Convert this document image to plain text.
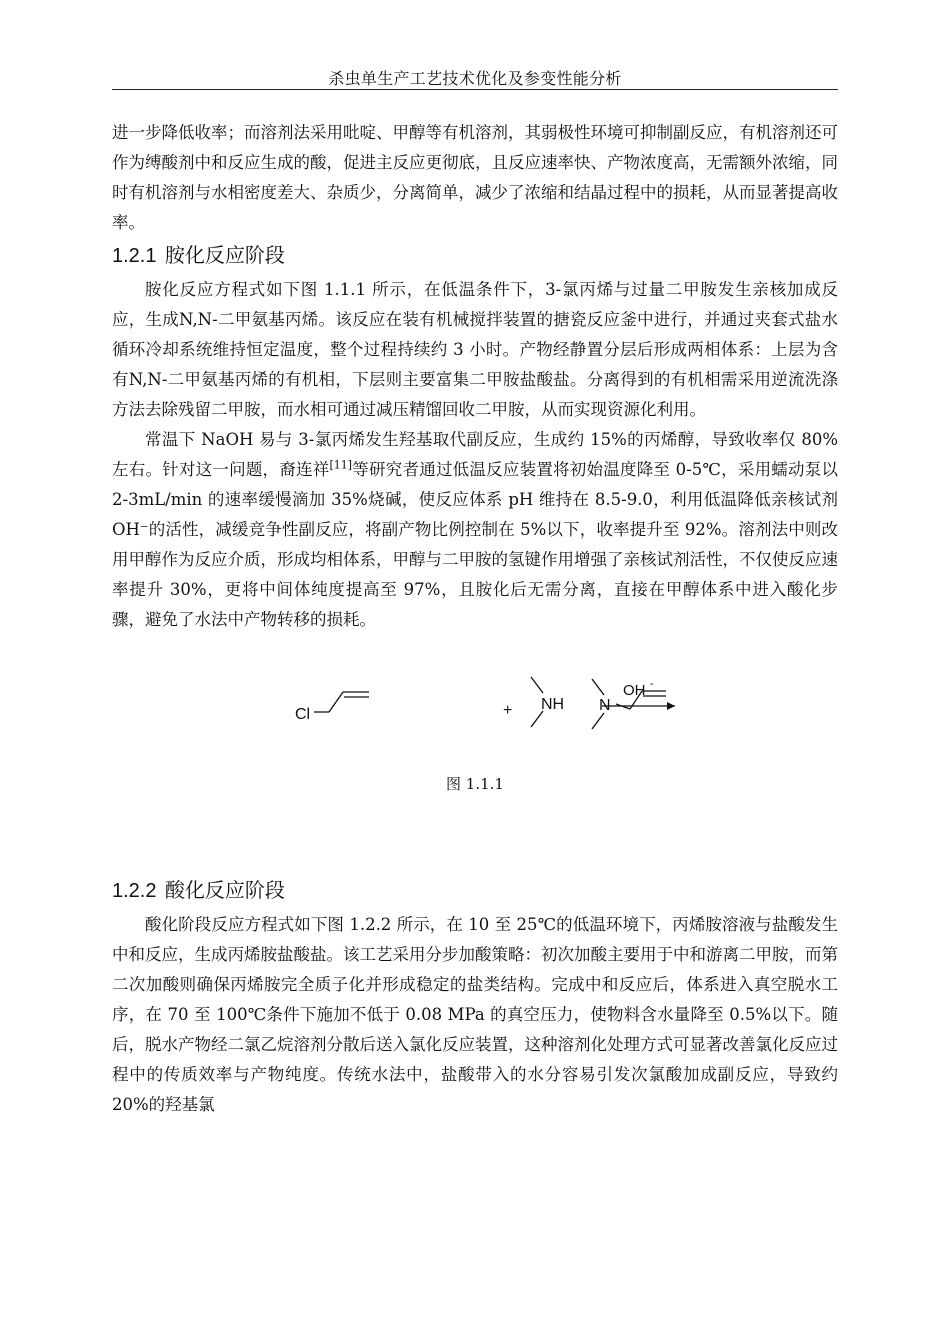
杀虫单生产工艺技术优化及参变性能分析

进一步降低收率；而溶剂法采用吡啶、甲醇等有机溶剂，其弱极性环境可抑制副反应，有机溶剂还可作为缚酸剂中和反应生成的酸，促进主反应更彻底，且反应速率快、产物浓度高，无需额外浓缩，同时有机溶剂与水相密度差大、杂质少，分离简单，减少了浓缩和结晶过程中的损耗，从而显著提高收率。

1.2.1 胺化反应阶段

胺化反应方程式如下图 1.1.1 所示，在低温条件下，3-氯丙烯与过量二甲胺发生亲核加成反应，生成N,N-二甲氨基丙烯。该反应在装有机械搅拌装置的搪瓷反应釜中进行，并通过夹套式盐水循环冷却系统维持恒定温度，整个过程持续约 3 小时。产物经静置分层后形成两相体系：上层为含有N,N-二甲氨基丙烯的有机相，下层则主要富集二甲胺盐酸盐。分离得到的有机相需采用逆流洗涤方法去除残留二甲胺，而水相可通过减压精馏回收二甲胺，从而实现资源化利用。

常温下 NaOH 易与 3-氯丙烯发生羟基取代副反应，生成约 15%的丙烯醇，导致收率仅 80%左右。针对这一问题，裔连祥[11]等研究者通过低温反应装置将初始温度降至 0-5℃，采用蠕动泵以 2-3mL/min 的速率缓慢滴加 35%烧碱，使反应体系 pH 维持在 8.5-9.0，利用低温降低亲核试剂 OH⁻的活性，减缓竞争性副反应，将副产物比例控制在 5%以下，收率提升至 92%。溶剂法中则改用甲醇作为反应介质，形成均相体系，甲醇与二甲胺的氢键作用增强了亲核试剂活性，不仅使反应速率提升 30%，更将中间体纯度提高至 97%，且胺化后无需分离，直接在甲醇体系中进入酸化步骤，避免了水法中产物转移的损耗。

Cl	+ NH
OH -
N
图 1.1.1
1.2.2 酸化反应阶段

酸化阶段反应方程式如下图 1.2.2 所示，在 10 至 25℃的低温环境下，丙烯胺溶液与盐酸发生中和反应，生成丙烯胺盐酸盐。该工艺采用分步加酸策略：初次加酸主要用于中和游离二甲胺，而第二次加酸则确保丙烯胺完全质子化并形成稳定的盐类结构。完成中和反应后，体系进入真空脱水工序，在 70 至 100℃条件下施加不低于 0.08 MPa 的真空压力，使物料含水量降至 0.5%以下。随后，脱水产物经二氯乙烷溶剂分散后送入氯化反应装置，这种溶剂化处理方式可显著改善氯化反应过程中的传质效率与产物纯度。传统水法中，盐酸带入的水分容易引发次氯酸加成副反应，导致约 20%的羟基氯
